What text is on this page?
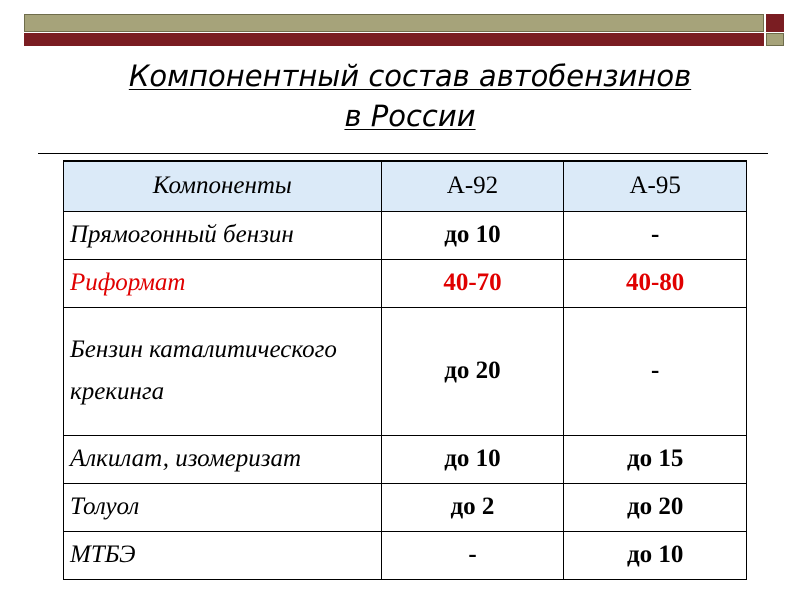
Компонентный состав автобензинов
в России
Компоненты	А-92	А-95
Прямогонный бензин	до 10	-
Риформат	40-70	40-80
Бензин каталитического крекинга	до 20	-
Алкилат, изомеризат	до 10	до 15
Толуол	до 2	до 20
МТБЭ	-	до 10
